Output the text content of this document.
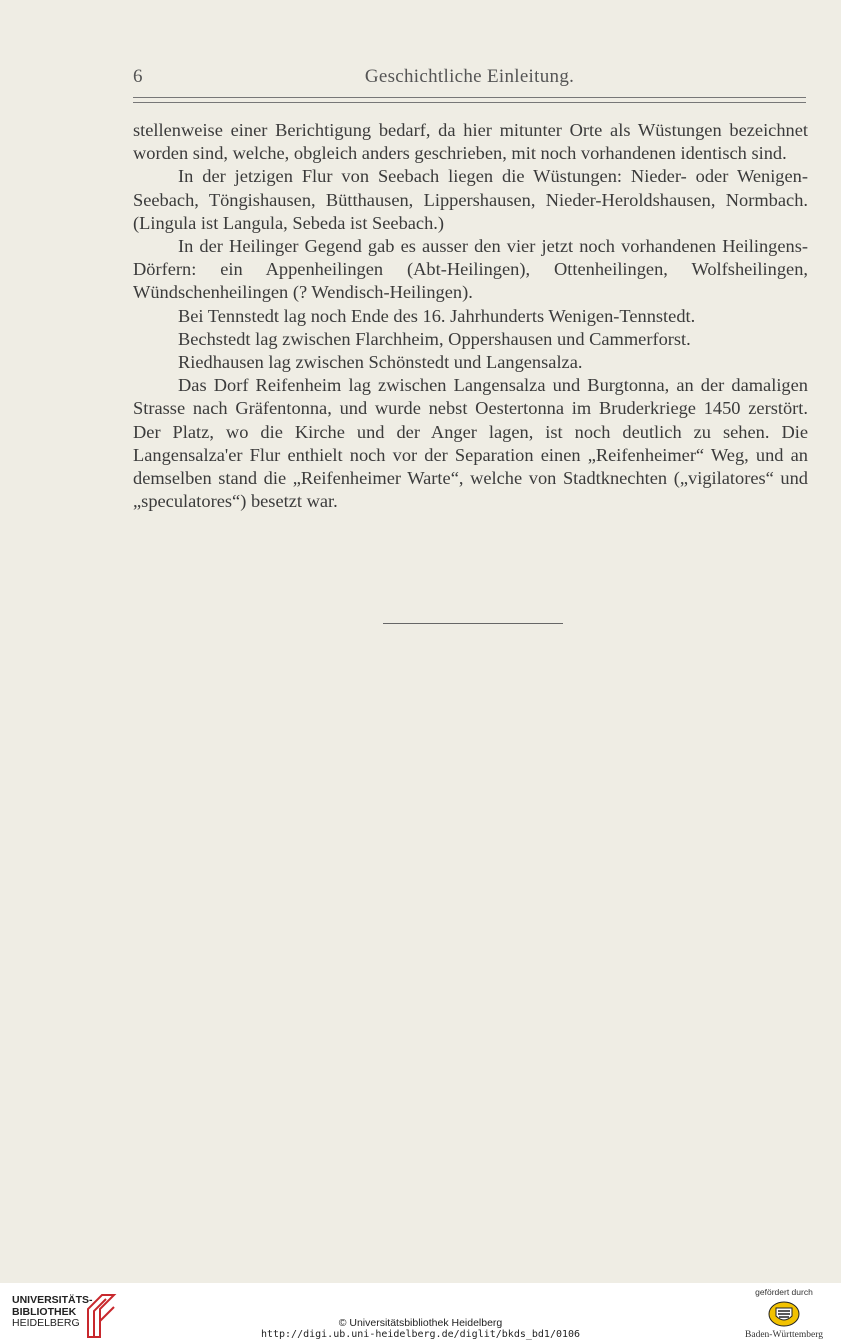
6	Geschichtliche Einleitung.

stellenweise einer Berichtigung bedarf, da hier mitunter Orte als Wüstungen bezeichnet worden sind, welche, obgleich anders geschrieben, mit noch vorhandenen identisch sind.

In der jetzigen Flur von Seebach liegen die Wüstungen: Nieder- oder Wenigen-Seebach, Töngishausen, Bütthausen, Lippershausen, Nieder-Heroldshausen, Normbach. (Lingula ist Langula, Sebeda ist Seebach.)

In der Heilinger Gegend gab es ausser den vier jetzt noch vorhandenen Heilingens-Dörfern: ein Appenheilingen (Abt-Heilingen), Ottenheilingen, Wolfsheilingen, Wündschenheilingen (? Wendisch-Heilingen).

Bei Tennstedt lag noch Ende des 16. Jahrhunderts Wenigen-Tennstedt.

Bechstedt lag zwischen Flarchheim, Oppershausen und Cammerforst.

Riedhausen lag zwischen Schönstedt und Langensalza.

Das Dorf Reifenheim lag zwischen Langensalza und Burgtonna, an der damaligen Strasse nach Gräfentonna, und wurde nebst Oestertonna im Bruderkriege 1450 zerstört. Der Platz, wo die Kirche und der Anger lagen, ist noch deutlich zu sehen. Die Langensalza'er Flur enthielt noch vor der Separation einen „Reifenheimer“ Weg, und an demselben stand die „Reifenheimer Warte“, welche von Stadtknechten („vigilatores“ und „speculatores“) besetzt war.

UNIVERSITÄTS-
BIBLIOTHEK
HEIDELBERG	© Universitätsbibliothek Heidelberg
http://digi.ub.uni-heidelberg.de/diglit/bkds_bd1/0106
gefördert durch
Baden-Württemberg
